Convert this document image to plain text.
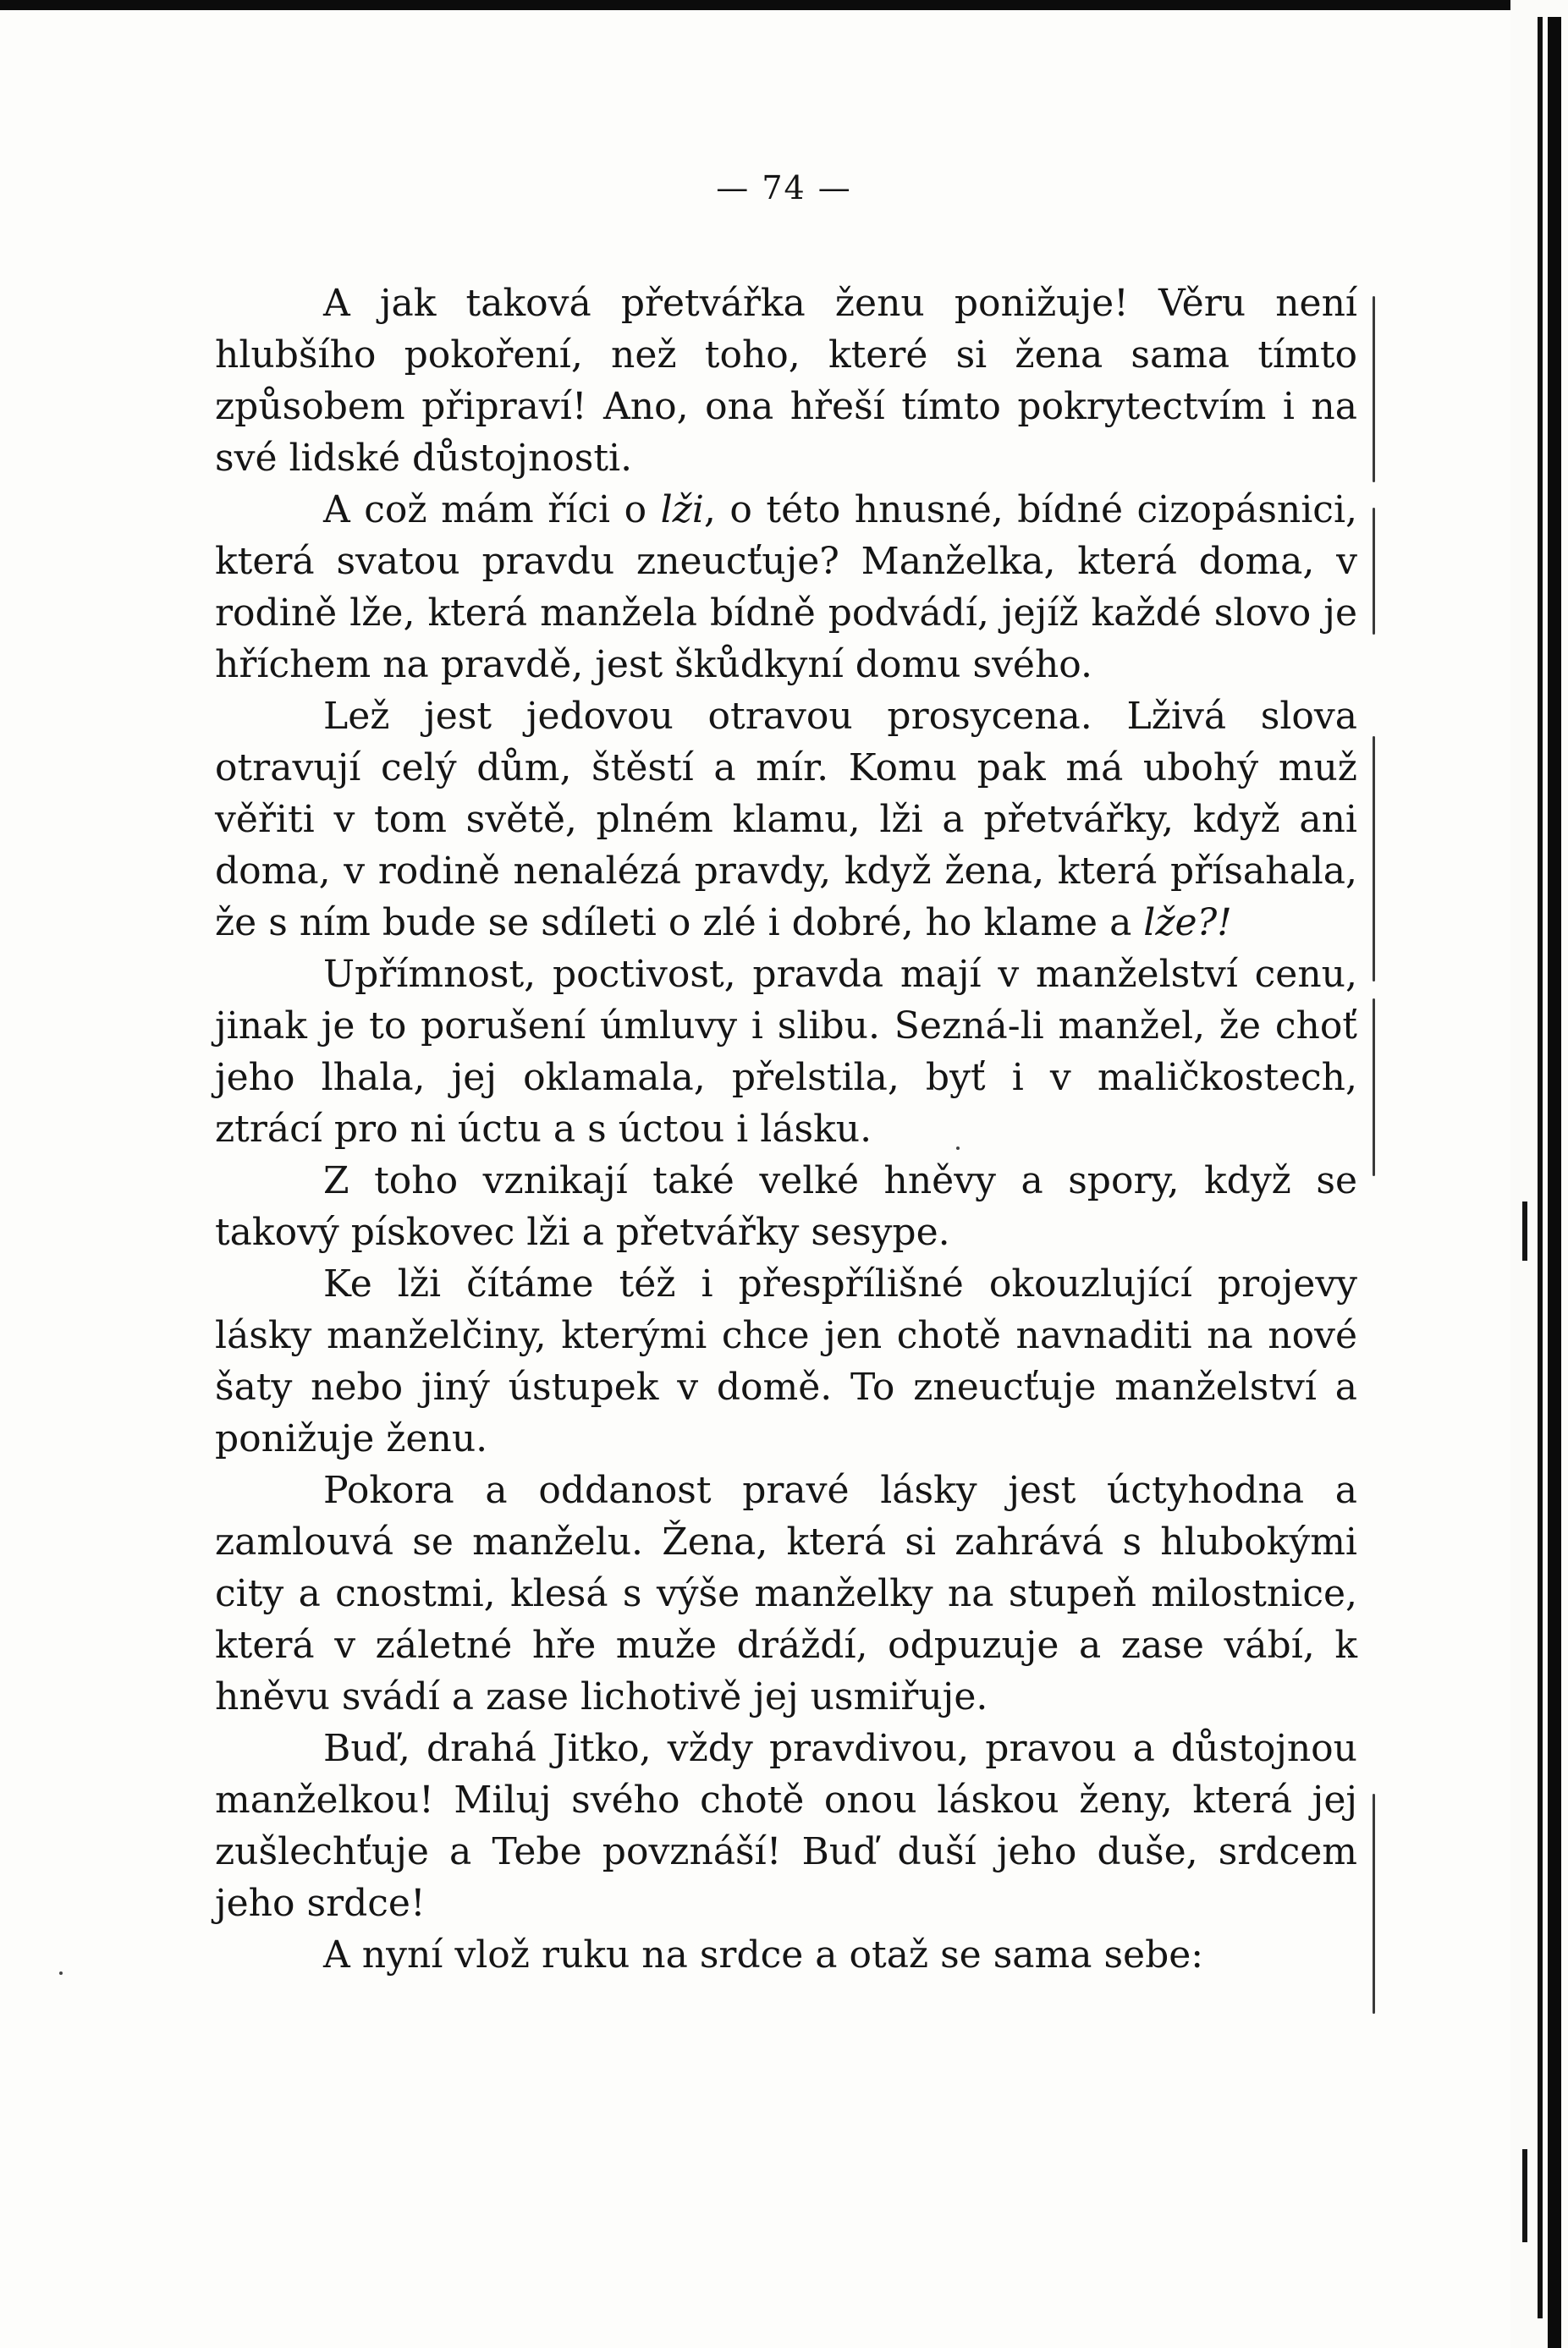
— 74 —

A jak taková přetvářka ženu ponižuje! Věru není hlubšího pokoření, než toho, které si žena sama tímto způsobem připraví! Ano, ona hřeší tímto pokrytectvím i na své lidské důstojnosti.

A což mám říci o lži, o této hnusné, bídné cizopásnici, která svatou pravdu zneucťuje? Manželka, která doma, v rodině lže, která manžela bídně podvádí, jejíž každé slovo je hříchem na pravdě, jest škůdkyní domu svého.

Lež jest jedovou otravou prosycena. Lživá slova otravují celý dům, štěstí a mír. Komu pak má ubohý muž věřiti v tom světě, plném klamu, lži a přetvářky, když ani doma, v rodině nenalézá pravdy, když žena, která přísahala, že s ním bude se sdíleti o zlé i dobré, ho klame a lže?!

Upřímnost, poctivost, pravda mají v manželství cenu, jinak je to porušení úmluvy i slibu. Sezná-li manžel, že choť jeho lhala, jej oklamala, přelstila, byť i v maličkostech, ztrácí pro ni úctu a s úctou i lásku.

Z toho vznikají také velké hněvy a spory, když se takový pískovec lži a přetvářky sesype.

Ke lži čítáme též i přespřílišné okouzlující projevy lásky manželčiny, kterými chce jen chotě navnaditi na nové šaty nebo jiný ústupek v domě. To zneucťuje manželství a ponižuje ženu.

Pokora a oddanost pravé lásky jest úctyhodna a zamlouvá se manželu. Žena, která si zahrává s hlubokými city a cnostmi, klesá s výše manželky na stupeň milostnice, která v záletné hře muže dráždí, odpuzuje a zase vábí, k hněvu svádí a zase lichotivě jej usmiřuje.

Buď, drahá Jitko, vždy pravdivou, pravou a důstojnou manželkou! Miluj svého chotě onou láskou ženy, která jej zušlechťuje a Tebe povznáší! Buď duší jeho duše, srdcem jeho srdce!

A nyní vlož ruku na srdce a otaž se sama sebe:
